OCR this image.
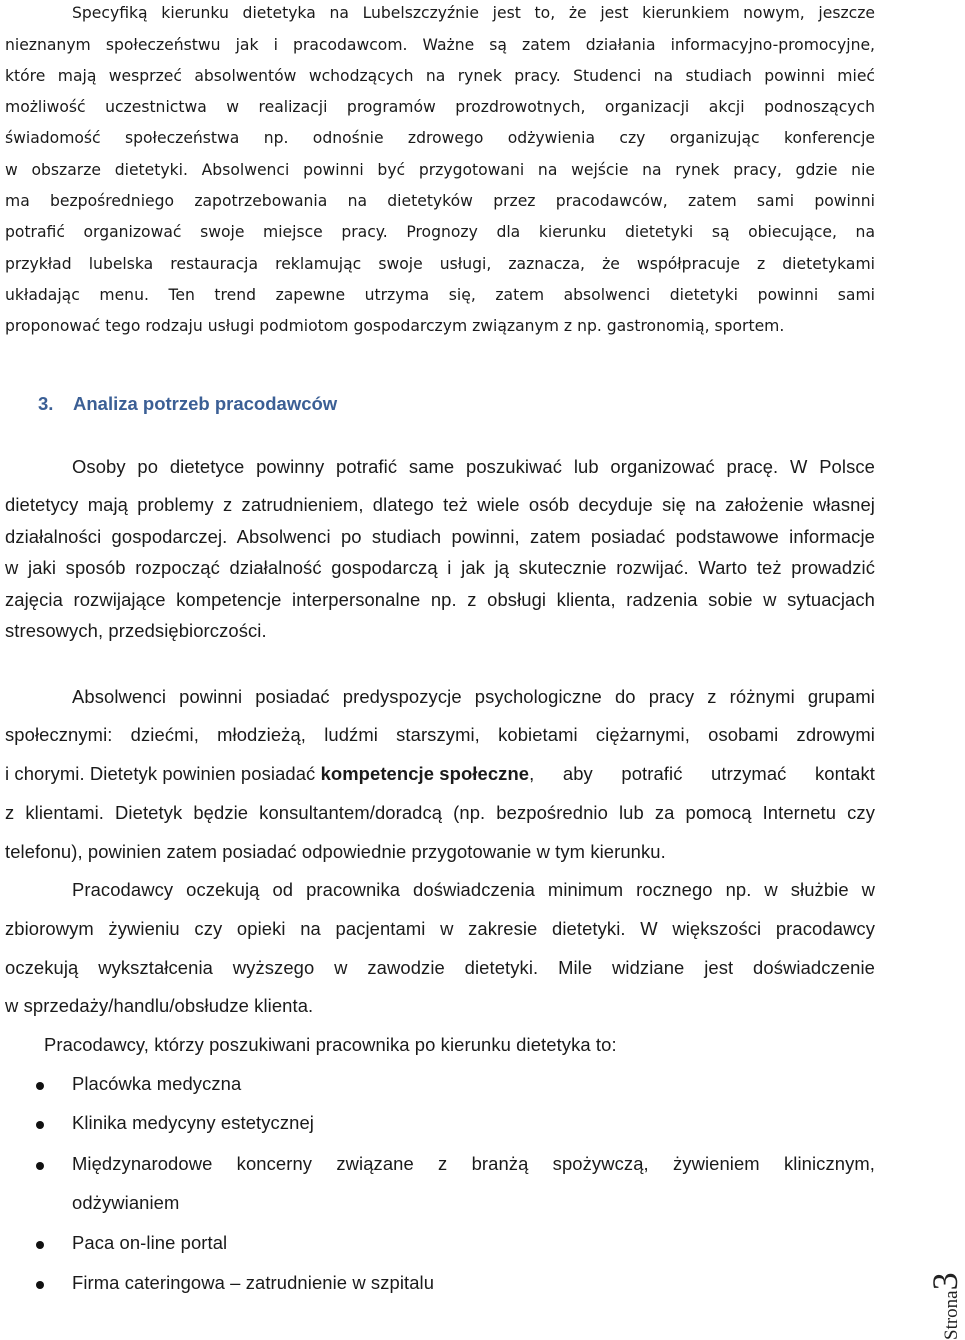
Specyfiką kierunku dietetyka na Lubelszczyźnie jest to, że jest kierunkiem nowym, jeszcze
nieznanym społeczeństwu jak i pracodawcom. Ważne są zatem działania informacyjno-promocyjne,
które mają wesprzeć absolwentów wchodzących na rynek pracy. Studenci na studiach powinni mieć
możliwość uczestnictwa w realizacji programów prozdrowotnych, organizacji akcji podnoszących
świadomość społeczeństwa np. odnośnie zdrowego odżywienia czy organizując konferencje
w obszarze dietetyki. Absolwenci powinni być przygotowani na wejście na rynek pracy, gdzie nie
ma bezpośredniego zapotrzebowania na dietetyków przez pracodawców, zatem sami powinni
potrafić organizować swoje miejsce pracy. Prognozy dla kierunku dietetyki są obiecujące, na
przykład lubelska restauracja reklamując swoje usługi, zaznacza, że współpracuje z dietetykami
układając menu. Ten trend zapewne utrzyma się, zatem absolwenci dietetyki powinni sami
proponować tego rodzaju usługi podmiotom gospodarczym związanym z np. gastronomią, sportem.
3. Analiza potrzeb pracodawców
Osoby po dietetyce powinny potrafić same poszukiwać lub organizować pracę. W Polsce
dietetycy mają problemy z zatrudnieniem, dlatego też wiele osób decyduje się na założenie własnej
działalności gospodarczej. Absolwenci po studiach powinni, zatem posiadać podstawowe informacje
w jaki sposób rozpocząć działalność gospodarczą i jak ją skutecznie rozwijać. Warto też prowadzić
zajęcia rozwijające kompetencje interpersonalne np. z obsługi klienta, radzenia sobie w sytuacjach
stresowych, przedsiębiorczości.
Absolwenci powinni posiadać predyspozycje psychologiczne do pracy z różnymi grupami
społecznymi: dziećmi, młodzieżą, ludźmi starszymi, kobietami ciężarnymi, osobami zdrowymi
i chorymi. Dietetyk powinien posiadać kompetencje społeczne , aby potrafić utrzymać kontakt
z klientami. Dietetyk będzie konsultantem/doradcą (np. bezpośrednio lub za pomocą Internetu czy
telefonu), powinien zatem posiadać odpowiednie przygotowanie w tym kierunku.
Pracodawcy oczekują od pracownika doświadczenia minimum rocznego np. w służbie w
zbiorowym żywieniu czy opieki na pacjentami w zakresie dietetyki. W większości pracodawcy
oczekują wykształcenia wyższego w zawodzie dietetyki. Mile widziane jest doświadczenie
w sprzedaży/handlu/obsłudze klienta.
Pracodawcy, którzy poszukiwani pracownika po kierunku dietetyka to:
Placówka medyczna
Klinika medycyny estetycznej
Międzynarodowe koncerny związane z branżą spożywczą, żywieniem klinicznym,
odżywianiem
Paca on-line portal
Firma cateringowa – zatrudnienie w szpitalu
Strona3
